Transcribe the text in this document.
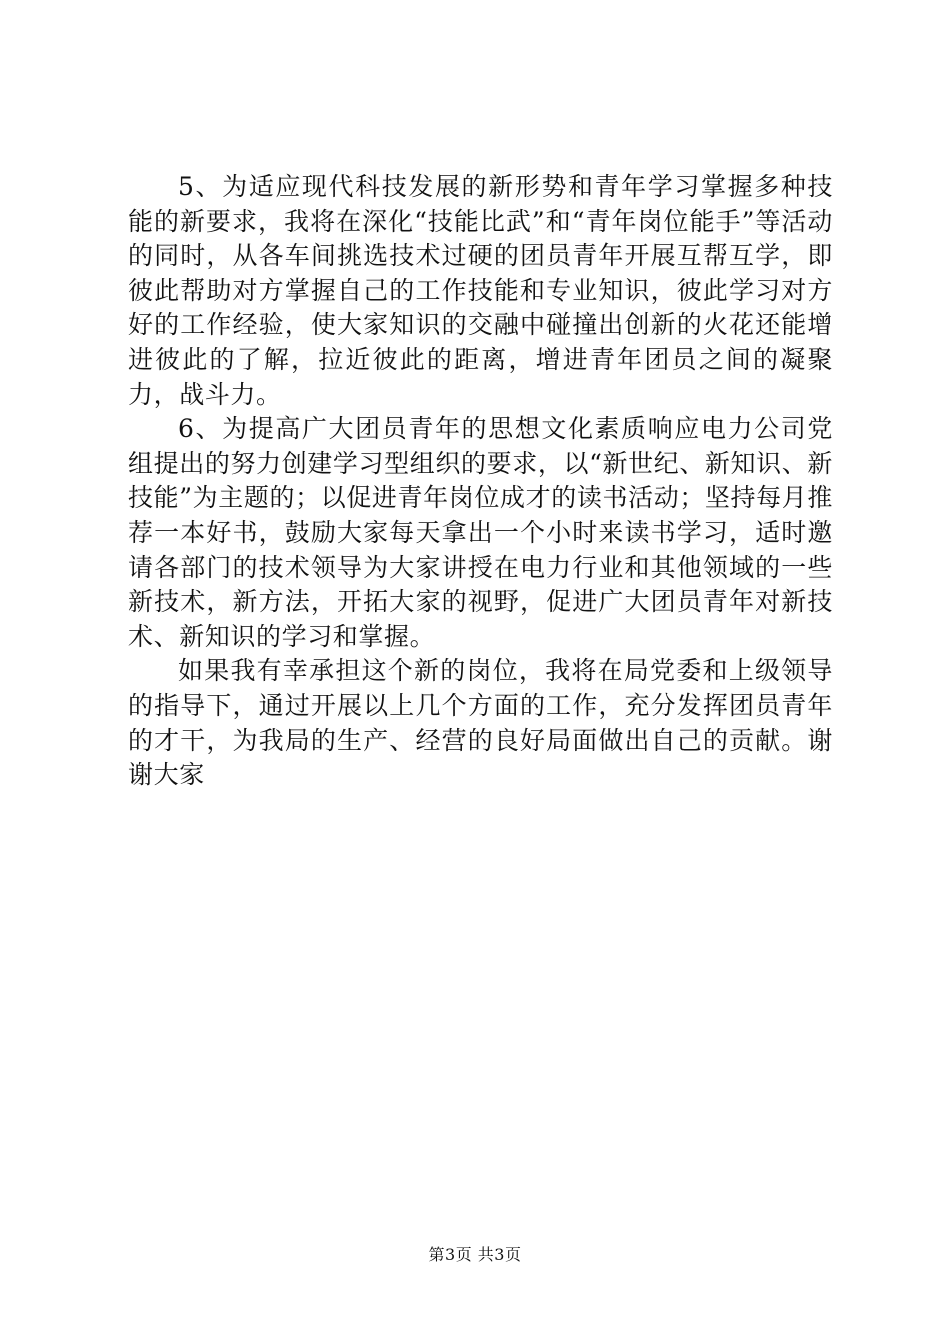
5、为适应现代科技发展的新形势和青年学习掌握多种技能的新要求，我将在深化“技能比武”和“青年岗位能手”等活动的同时，从各车间挑选技术过硬的团员青年开展互帮互学，即彼此帮助对方掌握自己的工作技能和专业知识，彼此学习对方好的工作经验，使大家知识的交融中碰撞出创新的火花还能增进彼此的了解，拉近彼此的距离，增进青年团员之间的凝聚力，战斗力。

6、为提高广大团员青年的思想文化素质响应电力公司党组提出的努力创建学习型组织的要求，以“新世纪、新知识、新技能”为主题的；以促进青年岗位成才的读书活动；坚持每月推荐一本好书，鼓励大家每天拿出一个小时来读书学习，适时邀请各部门的技术领导为大家讲授在电力行业和其他领域的一些新技术，新方法，开拓大家的视野，促进广大团员青年对新技术、新知识的学习和掌握。

如果我有幸承担这个新的岗位，我将在局党委和上级领导的指导下，通过开展以上几个方面的工作，充分发挥团员青年的才干，为我局的生产、经营的良好局面做出自己的贡献。谢谢大家

第3页 共3页
